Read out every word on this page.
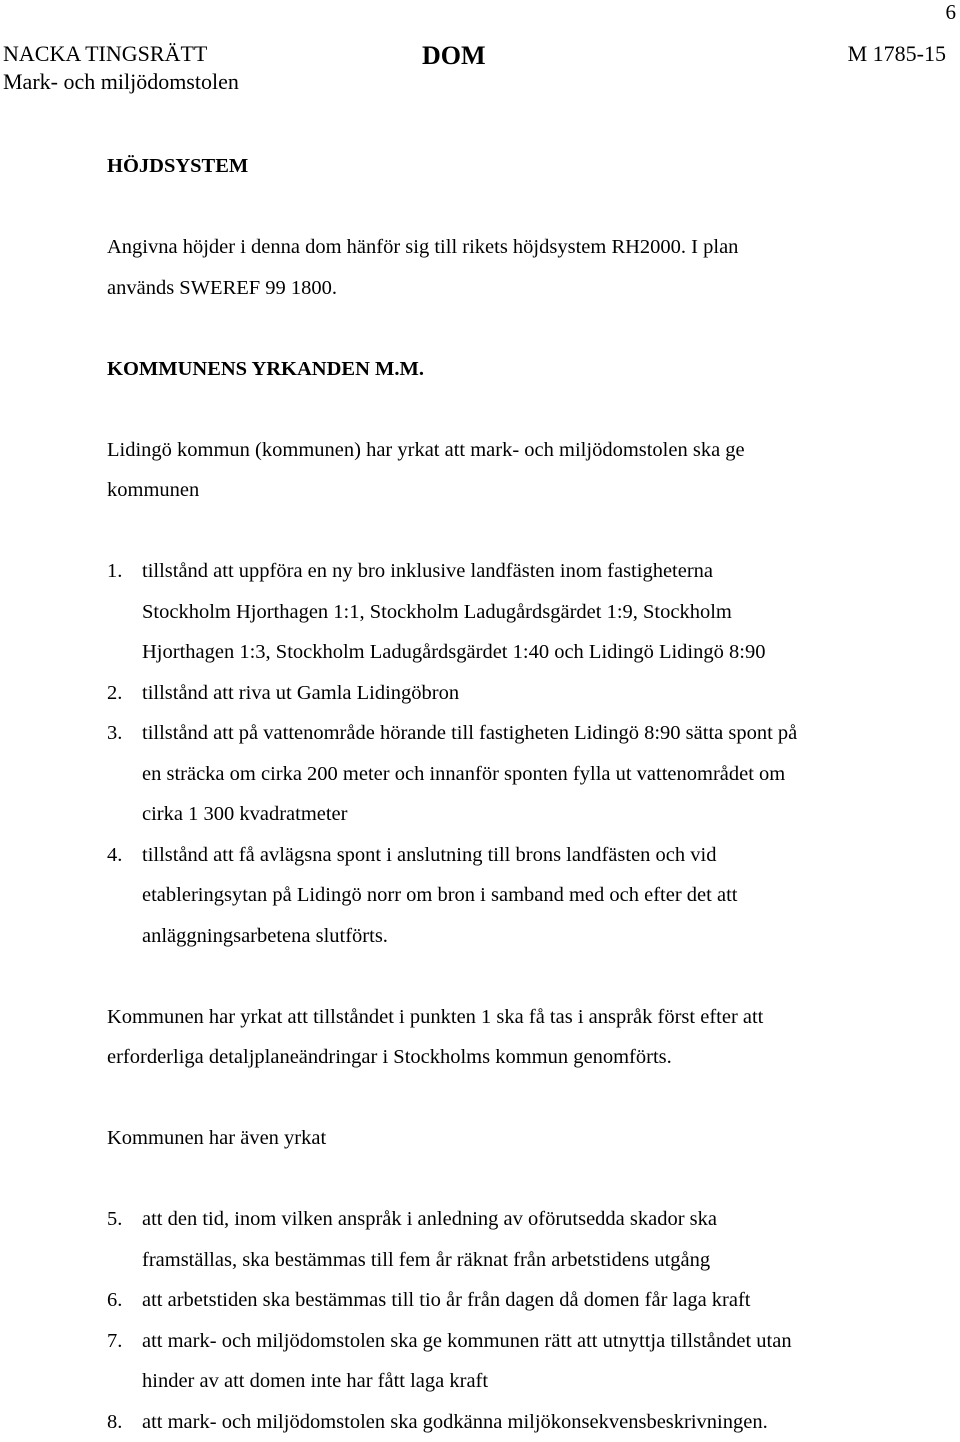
6
NACKA TINGSRÄTT
Mark- och miljödomstolen
DOM	M 1785-15
HÖJDSYSTEM
Angivna höjder i denna dom hänför sig till rikets höjdsystem RH2000. I plan
används SWEREF 99 1800.
KOMMUNENS YRKANDEN M.M.
Lidingö kommun (kommunen) har yrkat att mark- och miljödomstolen ska ge
kommunen
1. tillstånd att uppföra en ny bro inklusive landfästen inom fastigheterna
Stockholm Hjorthagen 1:1, Stockholm Ladugårdsgärdet 1:9, Stockholm
Hjorthagen 1:3, Stockholm Ladugårdsgärdet 1:40 och Lidingö Lidingö 8:90
2. tillstånd att riva ut Gamla Lidingöbron
3. tillstånd att på vattenområde hörande till fastigheten Lidingö 8:90 sätta spont på
en sträcka om cirka 200 meter och innanför sponten fylla ut vattenområdet om
cirka 1 300 kvadratmeter
4. tillstånd att få avlägsna spont i anslutning till brons landfästen och vid
etableringsytan på Lidingö norr om bron i samband med och efter det att
anläggningsarbetena slutförts.
Kommunen har yrkat att tillståndet i punkten 1 ska få tas i anspråk först efter att
erforderliga detaljplaneändringar i Stockholms kommun genomförts.
Kommunen har även yrkat
5. att den tid, inom vilken anspråk i anledning av oförutsedda skador ska
framställas, ska bestämmas till fem år räknat från arbetstidens utgång
6. att arbetstiden ska bestämmas till tio år från dagen då domen får laga kraft
7. att mark- och miljödomstolen ska ge kommunen rätt att utnyttja tillståndet utan
hinder av att domen inte har fått laga kraft
8. att mark- och miljödomstolen ska godkänna miljökonsekvensbeskrivningen.
